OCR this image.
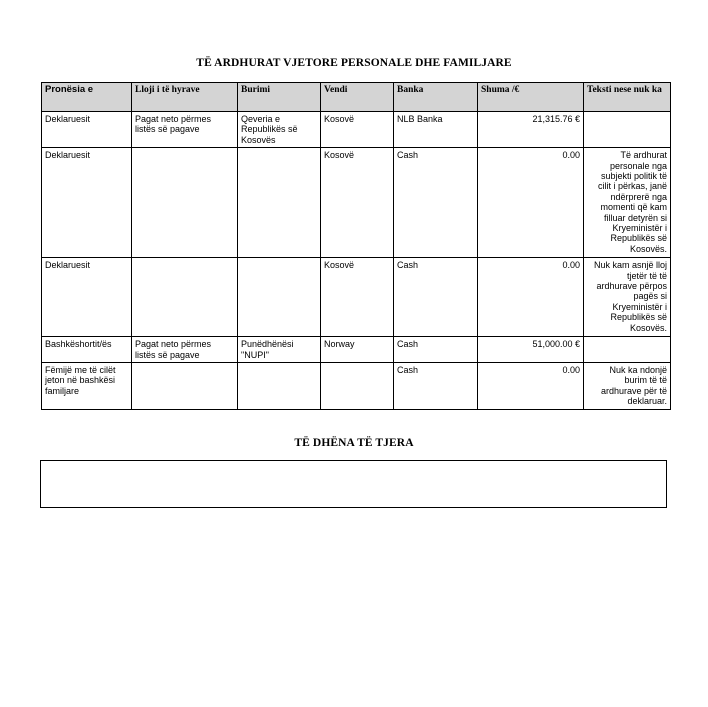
TË ARDHURAT VJETORE PERSONALE DHE FAMILJARE
Pronësia e	Lloji i të hyrave	Burimi	Vendi	Banka	Shuma /€	Teksti nese nuk ka
Deklaruesit	Pagat neto përmes listës së pagave	Qeveria e Republikës së Kosovës	Kosovë	NLB Banka	21,315.76 €	
Deklaruesit			Kosovë	Cash	0.00	Të ardhurat personale nga subjekti politik të cilit i përkas, janë ndërprerë nga momenti që kam filluar detyrën si Kryeministër i Republikës së Kosovës.
Deklaruesit			Kosovë	Cash	0.00	Nuk kam asnjë lloj tjetër të të ardhurave përpos pagës si Kryeministër i Republikës së Kosovës.
Bashkëshortit/ës	Pagat neto përmes listës së pagave	Punëdhënësi "NUPI"	Norway	Cash	51,000.00 €	
Fëmijë me të cilët jeton në bashkësi familjare				Cash	0.00	Nuk ka ndonjë burim të të ardhurave për të deklaruar.
TË DHËNA TË TJERA
